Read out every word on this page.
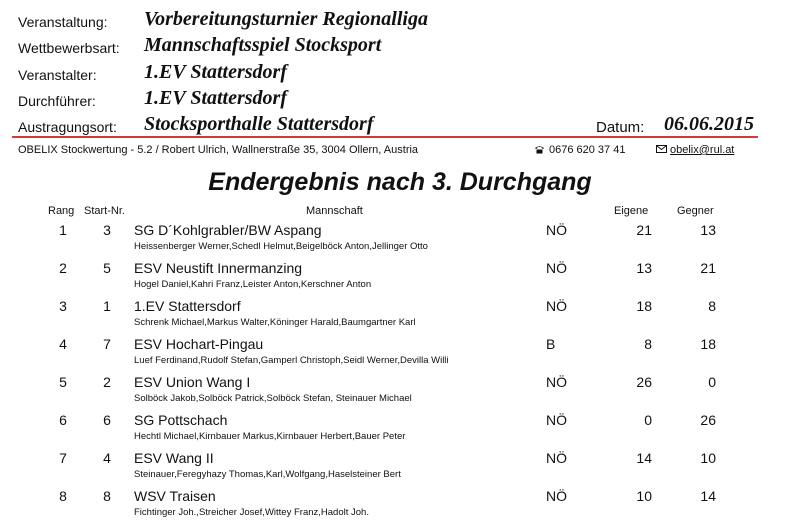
Veranstaltung: Vorbereitungsturnier Regionalliga
Wettbewerbsart: Mannschaftsspiel Stocksport
Veranstalter: 1.EV Stattersdorf
Durchführer: 1.EV Stattersdorf
Austragungsort: Stocksporthalle Stattersdorf	Datum: 06.06.2015
OBELIX Stockwertung - 5.2 / Robert Ulrich, Wallnerstraße 35, 3004 Ollern, Austria	0676 620 37 41	obelix@rul.at
Endergebnis nach 3. Durchgang
Rang Start-Nr.	Mannschaft	Eigene	Gegner
1	3 SG D´Kohlgrabler/BW Aspang	NÖ	21	13
Heissenberger Werner,Schedl Helmut,Beigelböck Anton,Jellinger Otto
2	5 ESV Neustift Innermanzing	NÖ	13	21
Hogel Daniel,Kahri Franz,Leister Anton,Kerschner Anton
3	1 1.EV Stattersdorf	NÖ	18	8
Schrenk Michael,Markus Walter,Köninger Harald,Baumgartner Karl
4	7 ESV Hochart-Pingau	B	8	18
Luef Ferdinand,Rudolf Stefan,Gamperl Christoph,Seidl Werner,Devilla Willi
5	2 ESV Union Wang I	NÖ	26	0
Solböck Jakob,Solböck Patrick,Solböck Stefan, Steinauer Michael
6	6 SG Pottschach	NÖ	0	26
Hechtl Michael,Kirnbauer Markus,Kirnbauer Herbert,Bauer Peter
7	4 ESV Wang II	NÖ	14	10
Steinauer,Feregyhazy Thomas,Karl,Wolfgang,Haselsteiner Bert
8	8 WSV Traisen	NÖ	10	14
Fichtinger Joh.,Streicher Josef,Wittey Franz,Hadolt Joh.
